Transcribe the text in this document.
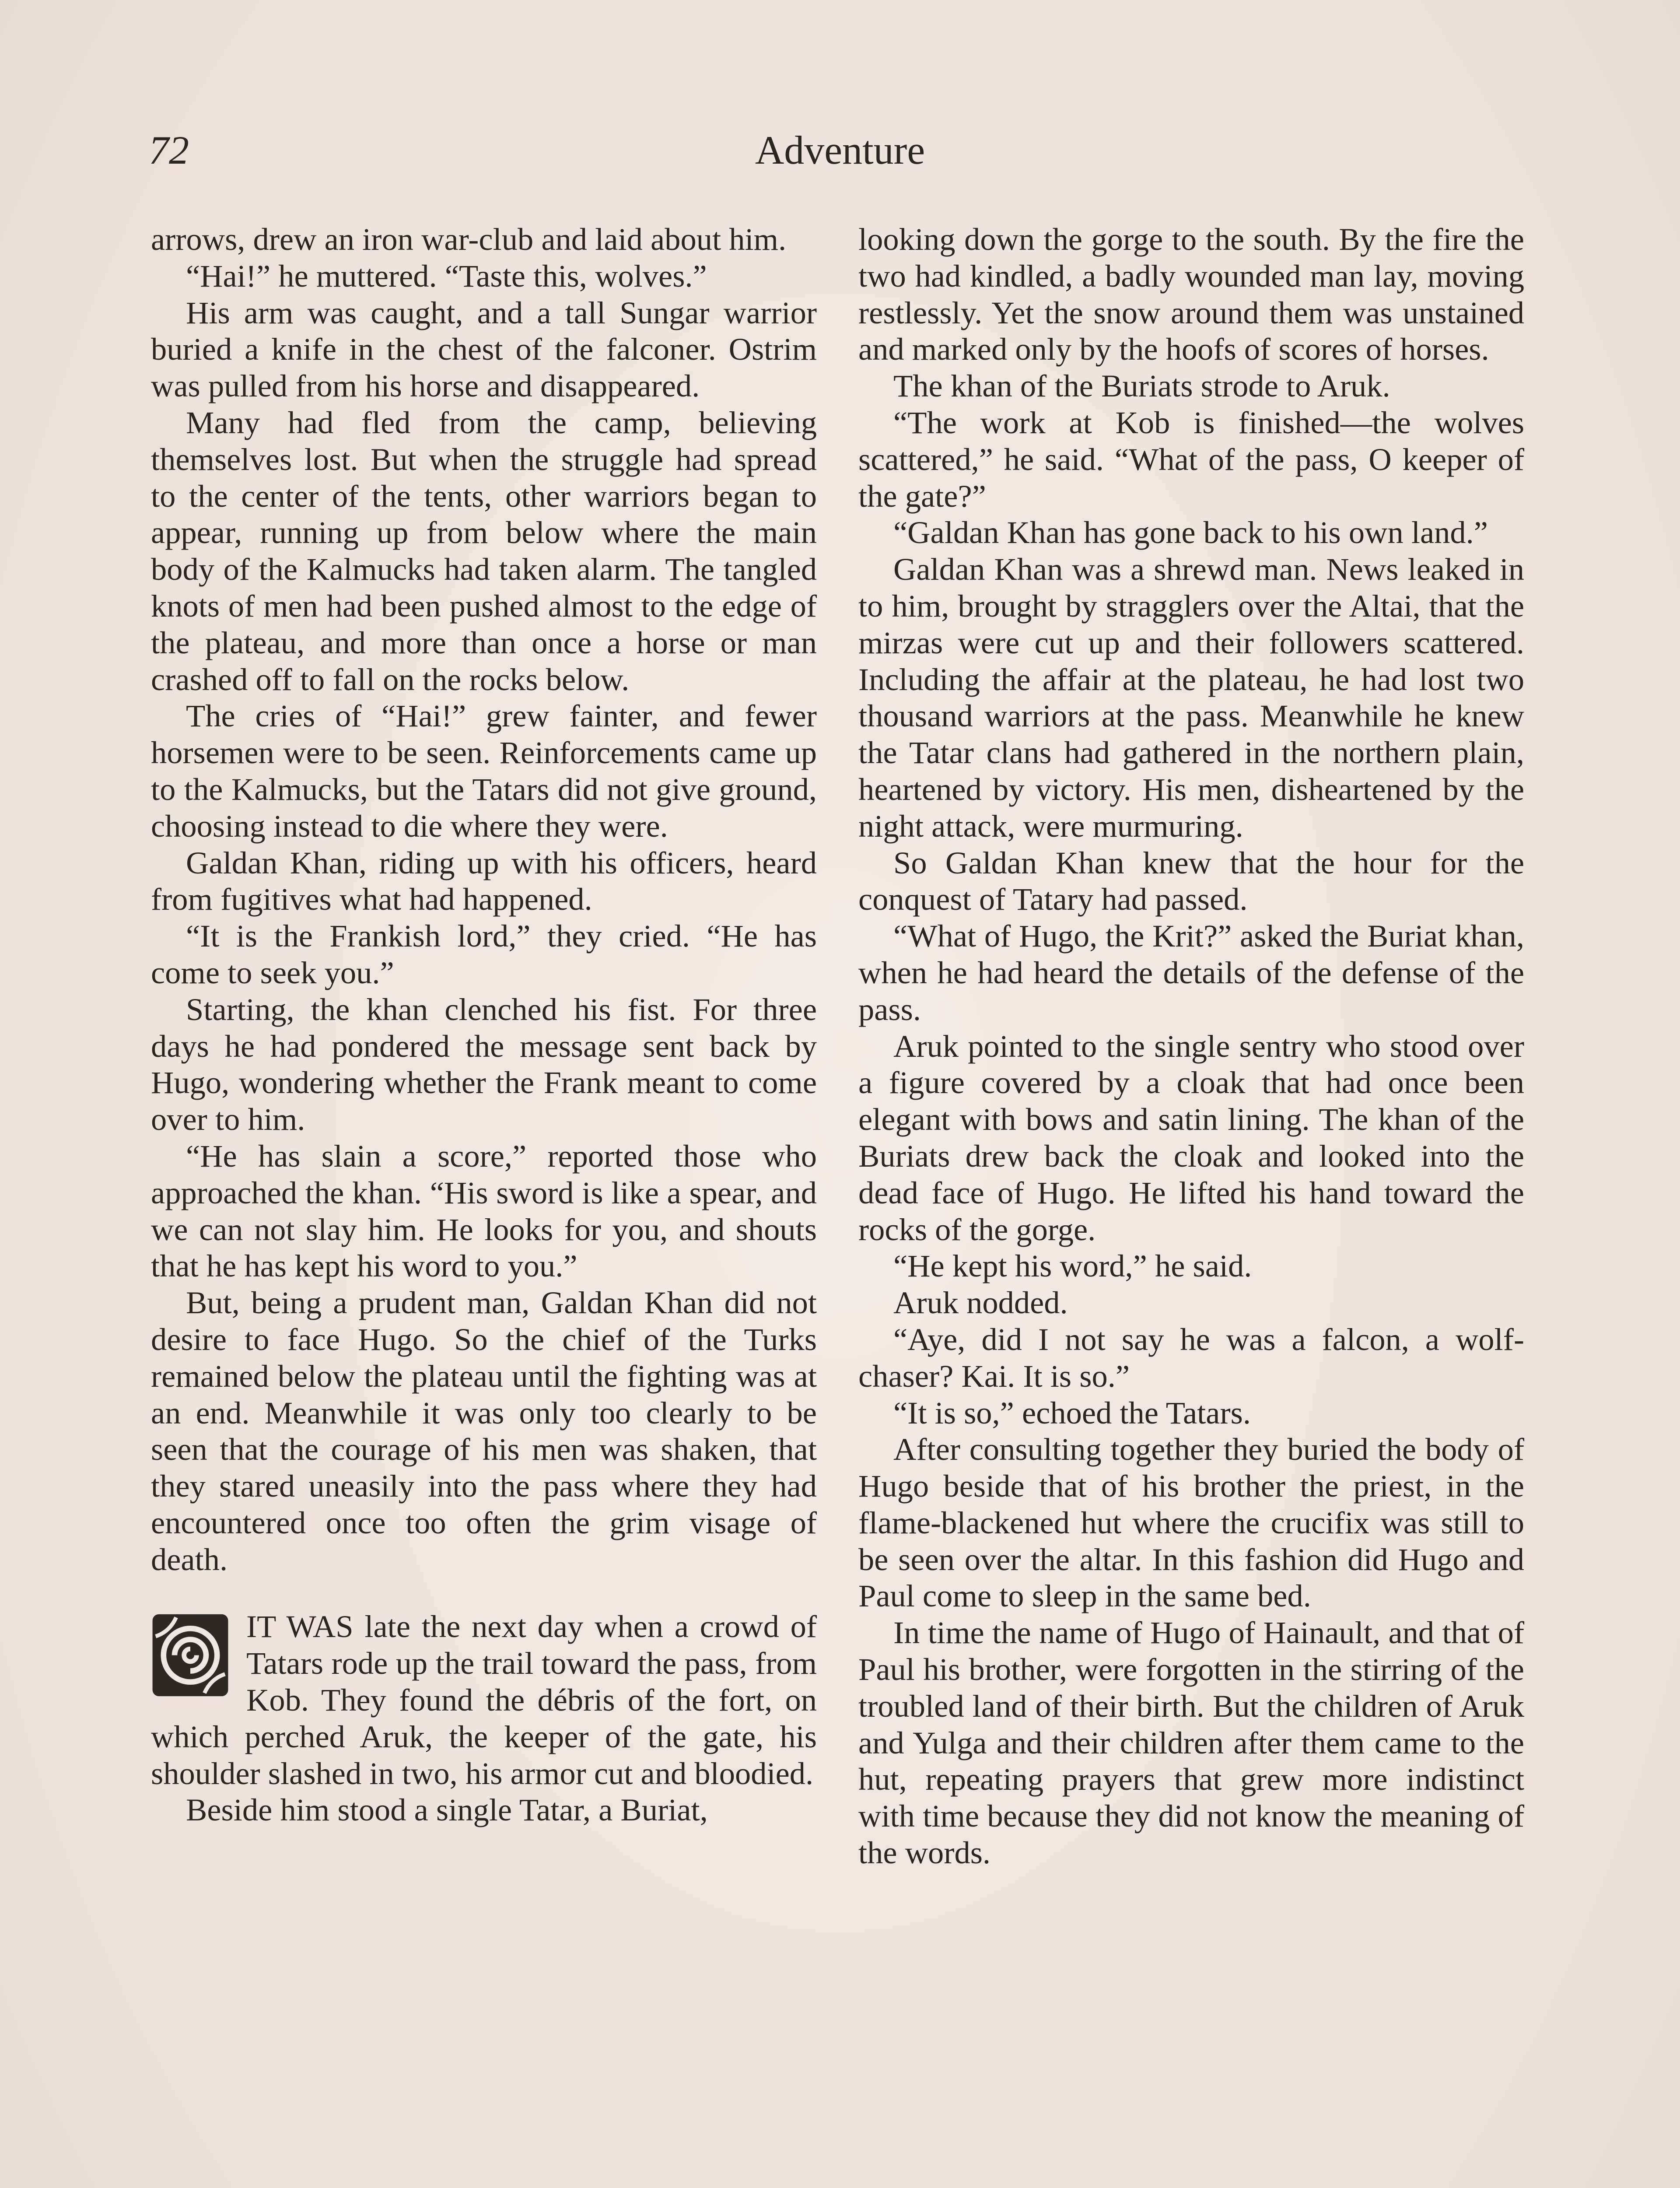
72	Adventure

arrows, drew an iron war-club and laid about him.

“Hai!” he muttered. “Taste this, wolves.”

His arm was caught, and a tall Sungar warrior buried a knife in the chest of the falconer. Ostrim was pulled from his horse and disappeared.

Many had fled from the camp, believing themselves lost. But when the struggle had spread to the center of the tents, other warriors began to appear, running up from below where the main body of the Kalmucks had taken alarm. The tangled knots of men had been pushed almost to the edge of the plateau, and more than once a horse or man crashed off to fall on the rocks below.

The cries of “Hai!” grew fainter, and fewer horsemen were to be seen. Reinforcements came up to the Kalmucks, but the Tatars did not give ground, choosing instead to die where they were.

Galdan Khan, riding up with his officers, heard from fugitives what had happened.

“It is the Frankish lord,” they cried. “He has come to seek you.”

Starting, the khan clenched his fist. For three days he had pondered the message sent back by Hugo, wondering whether the Frank meant to come over to him.

“He has slain a score,” reported those who approached the khan. “His sword is like a spear, and we can not slay him. He looks for you, and shouts that he has kept his word to you.”

But, being a prudent man, Galdan Khan did not desire to face Hugo. So the chief of the Turks remained below the plateau until the fighting was at an end. Meanwhile it was only too clearly to be seen that the courage of his men was shaken, that they stared uneasily into the pass where they had encountered once too often the grim visage of death.

IT WAS late the next day when a crowd of Tatars rode up the trail toward the pass, from Kob. They found the débris of the fort, on which perched Aruk, the keeper of the gate, his shoulder slashed in two, his armor cut and bloodied.

Beside him stood a single Tatar, a Buriat,

looking down the gorge to the south. By the fire the two had kindled, a badly wounded man lay, moving restlessly. Yet the snow around them was unstained and marked only by the hoofs of scores of horses.

The khan of the Buriats strode to Aruk.

“The work at Kob is finished—the wolves scattered,” he said. “What of the pass, O keeper of the gate?”

“Galdan Khan has gone back to his own land.”

Galdan Khan was a shrewd man. News leaked in to him, brought by stragglers over the Altai, that the mirzas were cut up and their followers scattered. Including the affair at the plateau, he had lost two thousand warriors at the pass. Meanwhile he knew the Tatar clans had gathered in the northern plain, heartened by victory. His men, disheartened by the night attack, were murmuring.

So Galdan Khan knew that the hour for the conquest of Tatary had passed.

“What of Hugo, the Krit?” asked the Buriat khan, when he had heard the details of the defense of the pass.

Aruk pointed to the single sentry who stood over a figure covered by a cloak that had once been elegant with bows and satin lining. The khan of the Buriats drew back the cloak and looked into the dead face of Hugo. He lifted his hand toward the rocks of the gorge.

“He kept his word,” he said.

Aruk nodded.

“Aye, did I not say he was a falcon, a wolf-chaser? Kai. It is so.”

“It is so,” echoed the Tatars.

After consulting together they buried the body of Hugo beside that of his brother the priest, in the flame-blackened hut where the crucifix was still to be seen over the altar. In this fashion did Hugo and Paul come to sleep in the same bed.

In time the name of Hugo of Hainault, and that of Paul his brother, were forgotten in the stirring of the troubled land of their birth. But the children of Aruk and Yulga and their children after them came to the hut, repeating prayers that grew more indistinct with time because they did not know the meaning of the words.
